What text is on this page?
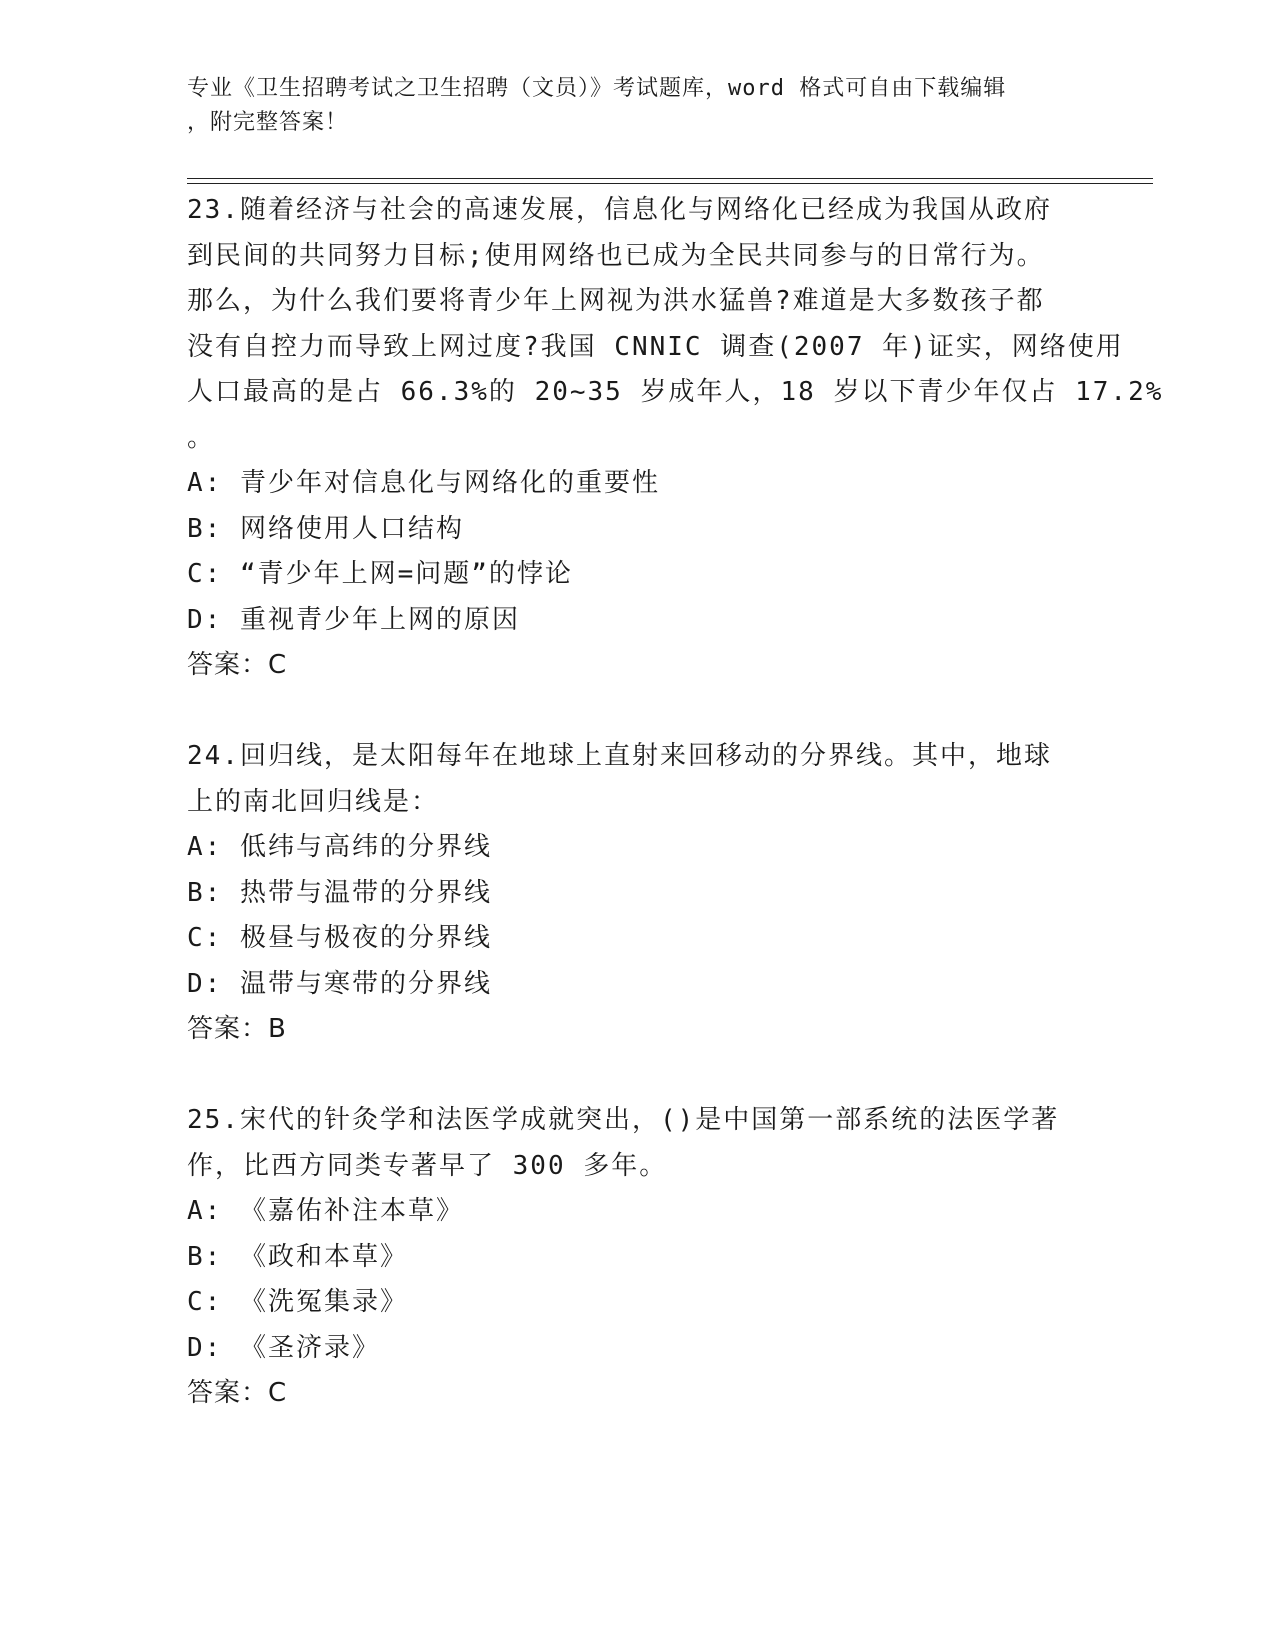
专业《卫生招聘考试之卫生招聘（文员）》考试题库，word 格式可自由下载编辑
，附完整答案！
23.随着经济与社会的高速发展，信息化与网络化已经成为我国从政府
到民间的共同努力目标;使用网络也已成为全民共同参与的日常行为。
那么，为什么我们要将青少年上网视为洪水猛兽?难道是大多数孩子都
没有自控力而导致上网过度?我国 CNNIC 调查(2007 年)证实，网络使用
人口最高的是占 66.3%的 20~35 岁成年人，18 岁以下青少年仅占 17.2%
。
A: 青少年对信息化与网络化的重要性
B: 网络使用人口结构
C: “青少年上网=问题”的悖论
D: 重视青少年上网的原因
答案：C
24.回归线，是太阳每年在地球上直射来回移动的分界线。其中，地球
上的南北回归线是：
A: 低纬与高纬的分界线
B: 热带与温带的分界线
C: 极昼与极夜的分界线
D: 温带与寒带的分界线
答案：B
25.宋代的针灸学和法医学成就突出，()是中国第一部系统的法医学著
作，比西方同类专著早了 300 多年。
A: 《嘉佑补注本草》
B: 《政和本草》
C: 《洗冤集录》
D: 《圣济录》
答案：C
